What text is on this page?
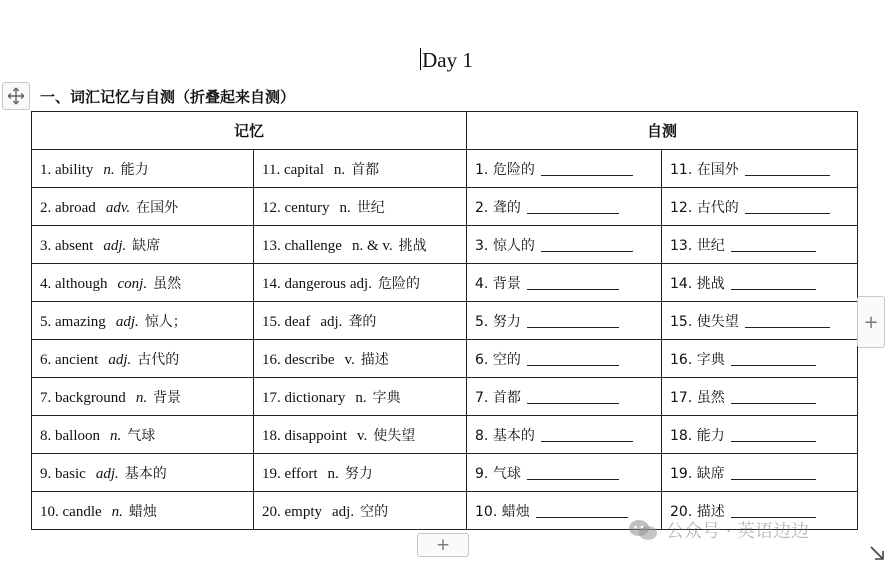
Day 1
一、词汇记忆与自测（折叠起来自测）
记忆		自测	
1. ability n. 能力	11. capital n. 首都	1. 危险的	11. 在国外
2. abroad adv. 在国外	12. century n. 世纪	2. 聋的	12. 古代的
3. absent adj. 缺席	13. challenge n. & v. 挑战	3. 惊人的	13. 世纪
4. although conj. 虽然	14. dangerous adj. 危险的	4. 背景	14. 挑战
5. amazing adj. 惊人；	15. deaf adj. 聋的	5. 努力	15. 使失望
6. ancient adj. 古代的	16. describe v. 描述	6. 空的	16. 字典
7. background n. 背景	17. dictionary n. 字典	7. 首都	17. 虽然
8. balloon n. 气球	18. disappoint v. 使失望	8. 基本的	18. 能力
9. basic adj. 基本的	19. effort n. 努力	9. 气球	19. 缺席
10. candle n. 蜡烛	20. empty adj. 空的	10. 蜡烛	20. 描述
+
+
公众号 · 英语边边
